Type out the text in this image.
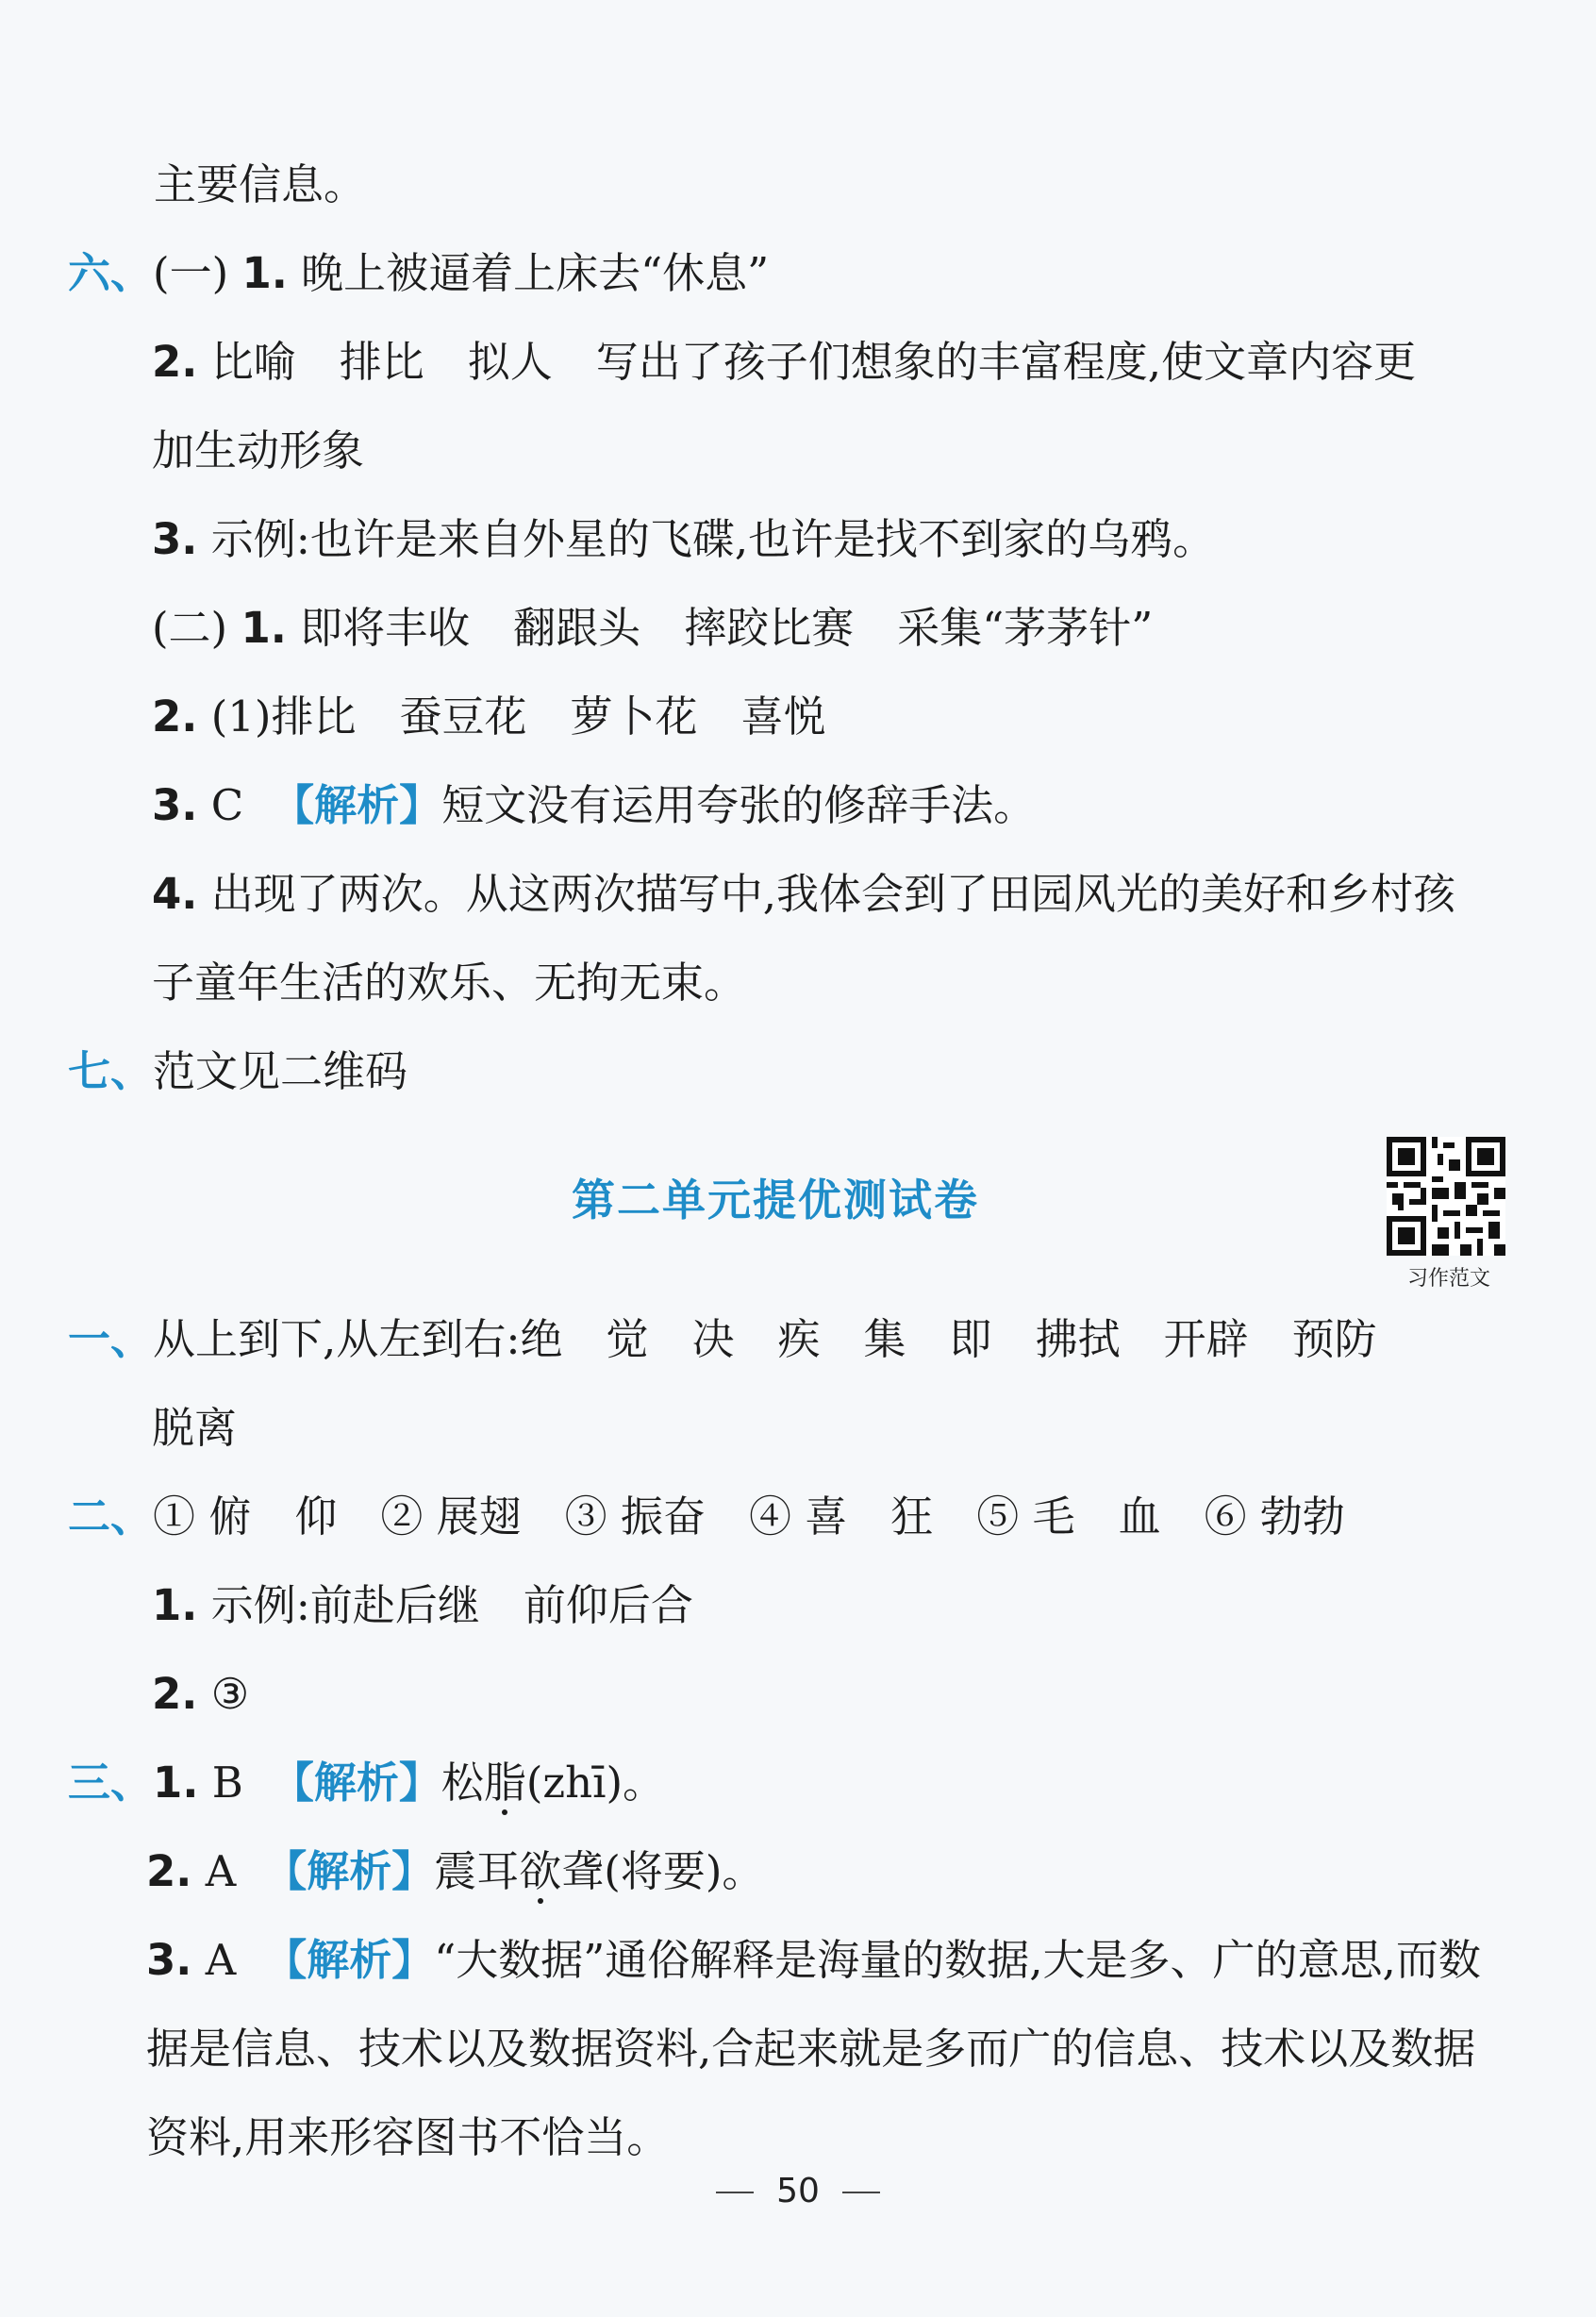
主要信息。
六、(一) 1. 晚上被逼着上床去“休息”
2. 比喻 排比 拟人 写出了孩子们想象的丰富程度,使文章内容更
加生动形象
3. 示例:也许是来自外星的飞碟,也许是找不到家的乌鸦。
(二) 1. 即将丰收 翻跟头 摔跤比赛 采集“茅茅针”
2. (1)排比 蚕豆花 萝卜花 喜悦
3. C 【解析】短文没有运用夸张的修辞手法。
4. 出现了两次。从这两次描写中,我体会到了田园风光的美好和乡村孩
子童年生活的欢乐、无拘无束。
七、范文见二维码
第二单元提优测试卷
习作范文
一、从上到下,从左到右:绝 觉 决 疾 集 即 拂拭 开辟 预防
脱离
二、① 俯 仰 ② 展翅 ③ 振奋 ④ 喜 狂 ⑤ 毛 血 ⑥ 勃勃
1. 示例:前赴后继 前仰后合
2. ③
三、1. B 【解析】松脂(zhī)。
2. A 【解析】震耳欲聋(将要)。
3. A 【解析】“大数据”通俗解释是海量的数据,大是多、广的意思,而数
据是信息、技术以及数据资料,合起来就是多而广的信息、技术以及数据
资料,用来形容图书不恰当。
50
